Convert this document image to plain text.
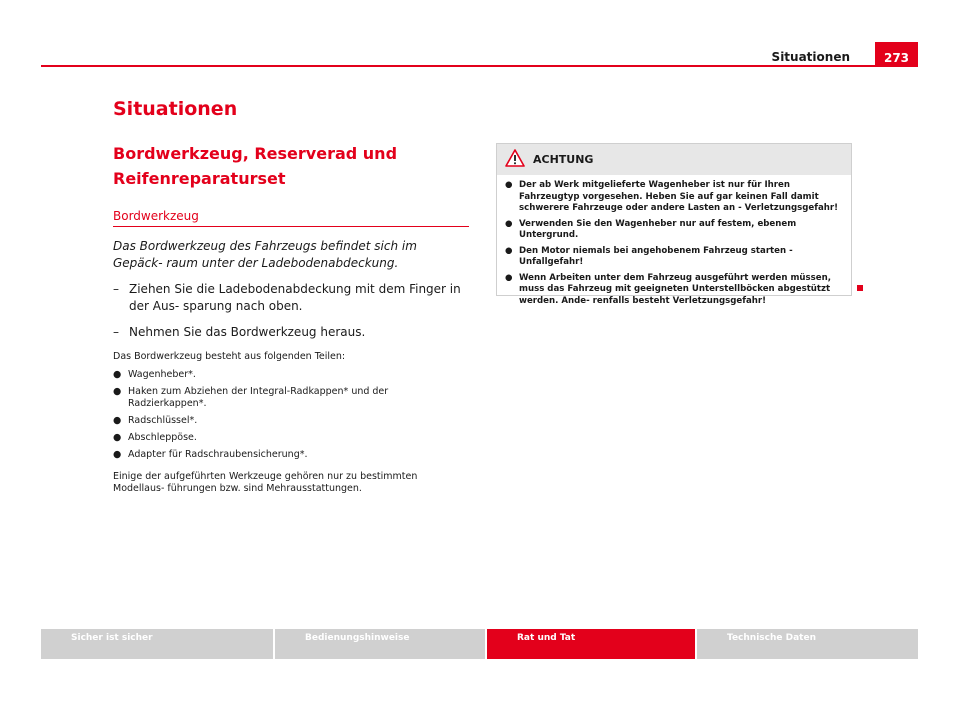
Situationen	273
Situationen
Bordwerkzeug, Reserverad und Reifenreparaturset
Bordwerkzeug
Das Bordwerkzeug des Fahrzeugs befindet sich im Gepäck- raum unter der Ladebodenabdeckung.
– Ziehen Sie die Ladebodenabdeckung mit dem Finger in der Aus- sparung nach oben.
– Nehmen Sie das Bordwerkzeug heraus.
Das Bordwerkzeug besteht aus folgenden Teilen:
● Wagenheber*.
● Haken zum Abziehen der Integral-Radkappen* und der Radzierkappen*.
● Radschlüssel*.
● Abschleppöse.
● Adapter für Radschraubensicherung*.
Einige der aufgeführten Werkzeuge gehören nur zu bestimmten Modellaus- führungen bzw. sind Mehrausstattungen.
ACHTUNG
● Der ab Werk mitgelieferte Wagenheber ist nur für Ihren Fahrzeugtyp vorgesehen. Heben Sie auf gar keinen Fall damit schwerere Fahrzeuge oder andere Lasten an - Verletzungsgefahr!
● Verwenden Sie den Wagenheber nur auf festem, ebenem Untergrund.
● Den Motor niemals bei angehobenem Fahrzeug starten - Unfallgefahr!
● Wenn Arbeiten unter dem Fahrzeug ausgeführt werden müssen, muss das Fahrzeug mit geeigneten Unterstellböcken abgestützt werden. Ande- renfalls besteht Verletzungsgefahr!
Sicher ist sicher	Bedienungshinweise	Rat und Tat	Technische Daten
